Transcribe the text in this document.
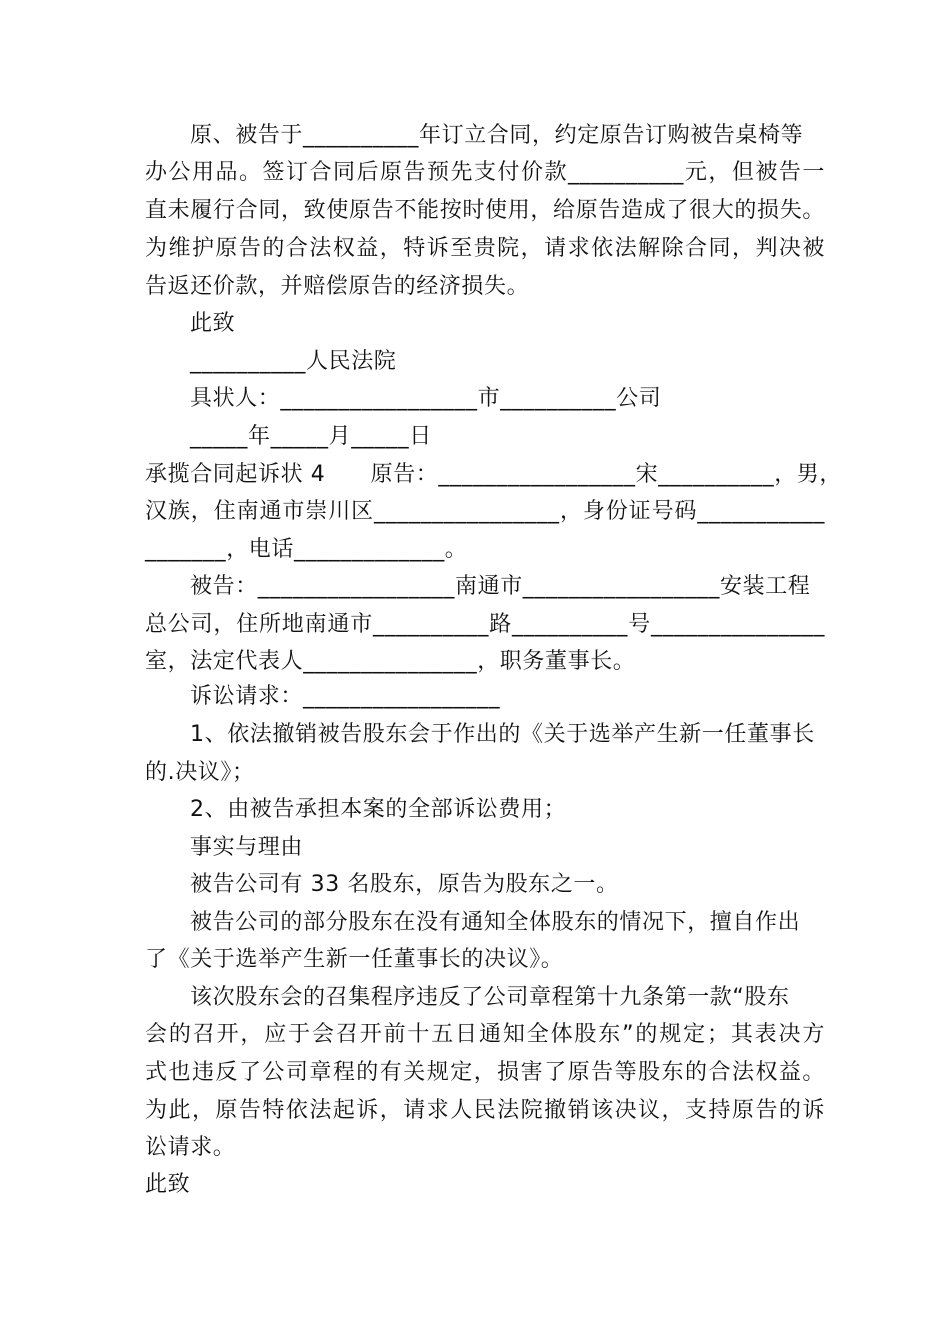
原、被告于__________年订立合同，约定原告订购被告桌椅等
办公用品。签订合同后原告预先支付价款__________元，但被告一
直未履行合同，致使原告不能按时使用，给原告造成了很大的损失。
为维护原告的合法权益，特诉至贵院，请求依法解除合同，判决被
告返还价款，并赔偿原告的经济损失。
此致
__________人民法院
具状人：_________________市__________公司
_____年_____月_____日
承揽合同起诉状 4　　原告：_________________宋__________，男，
汉族，住南通市崇川区________________，身份证号码___________
_______，电话_____________。
被告：_________________南通市_________________安装工程
总公司，住所地南通市__________路__________号_______________
室，法定代表人_______________，职务董事长。
诉讼请求：_________________
1、依法撤销被告股东会于作出的《关于选举产生新一任董事长
的.决议》；
2、由被告承担本案的全部诉讼费用；
事实与理由
被告公司有 33 名股东，原告为股东之一。
被告公司的部分股东在没有通知全体股东的情况下，擅自作出
了《关于选举产生新一任董事长的决议》。
该次股东会的召集程序违反了公司章程第十九条第一款“股东
会的召开，应于会召开前十五日通知全体股东”的规定；其表决方
式也违反了公司章程的有关规定，损害了原告等股东的合法权益。
为此，原告特依法起诉，请求人民法院撤销该决议，支持原告的诉
讼请求。
此致
